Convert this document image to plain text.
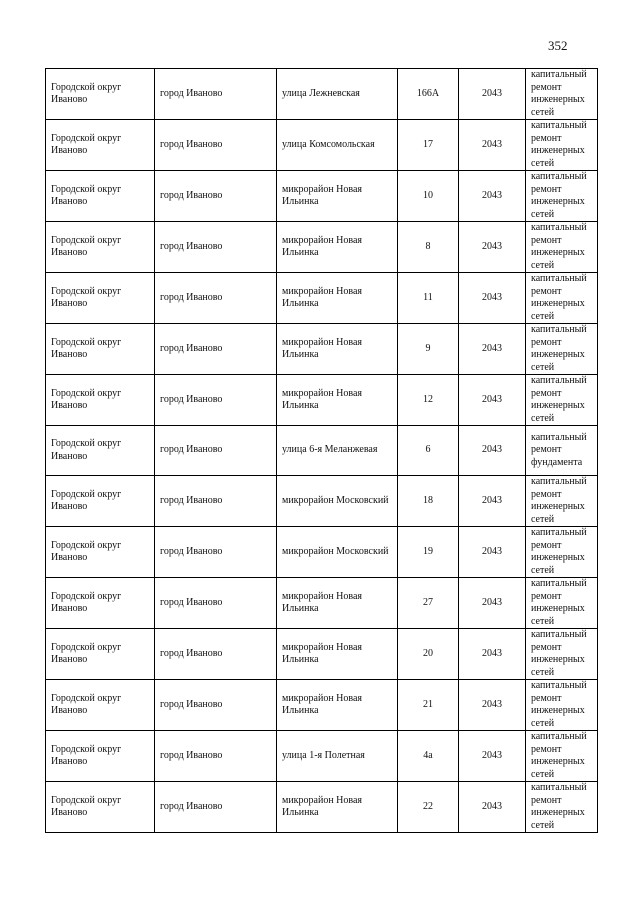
352
Городской округ Иваново	город Иваново	улица Лежневская	166А	2043	капитальный ремонт инженерных сетей
Городской округ Иваново	город Иваново	улица Комсомольская	17	2043	капитальный ремонт инженерных сетей
Городской округ Иваново	город Иваново	микрорайон Новая Ильинка	10	2043	капитальный ремонт инженерных сетей
Городской округ Иваново	город Иваново	микрорайон Новая Ильинка	8	2043	капитальный ремонт инженерных сетей
Городской округ Иваново	город Иваново	микрорайон Новая Ильинка	11	2043	капитальный ремонт инженерных сетей
Городской округ Иваново	город Иваново	микрорайон Новая Ильинка	9	2043	капитальный ремонт инженерных сетей
Городской округ Иваново	город Иваново	микрорайон Новая Ильинка	12	2043	капитальный ремонт инженерных сетей
Городской округ Иваново	город Иваново	улица 6-я Меланжевая	6	2043	капитальный ремонт фундамента
Городской округ Иваново	город Иваново	микрорайон Московский	18	2043	капитальный ремонт инженерных сетей
Городской округ Иваново	город Иваново	микрорайон Московский	19	2043	капитальный ремонт инженерных сетей
Городской округ Иваново	город Иваново	микрорайон Новая Ильинка	27	2043	капитальный ремонт инженерных сетей
Городской округ Иваново	город Иваново	микрорайон Новая Ильинка	20	2043	капитальный ремонт инженерных сетей
Городской округ Иваново	город Иваново	микрорайон Новая Ильинка	21	2043	капитальный ремонт инженерных сетей
Городской округ Иваново	город Иваново	улица 1-я Полетная	4а	2043	капитальный ремонт инженерных сетей
Городской округ Иваново	город Иваново	микрорайон Новая Ильинка	22	2043	капитальный ремонт инженерных сетей
